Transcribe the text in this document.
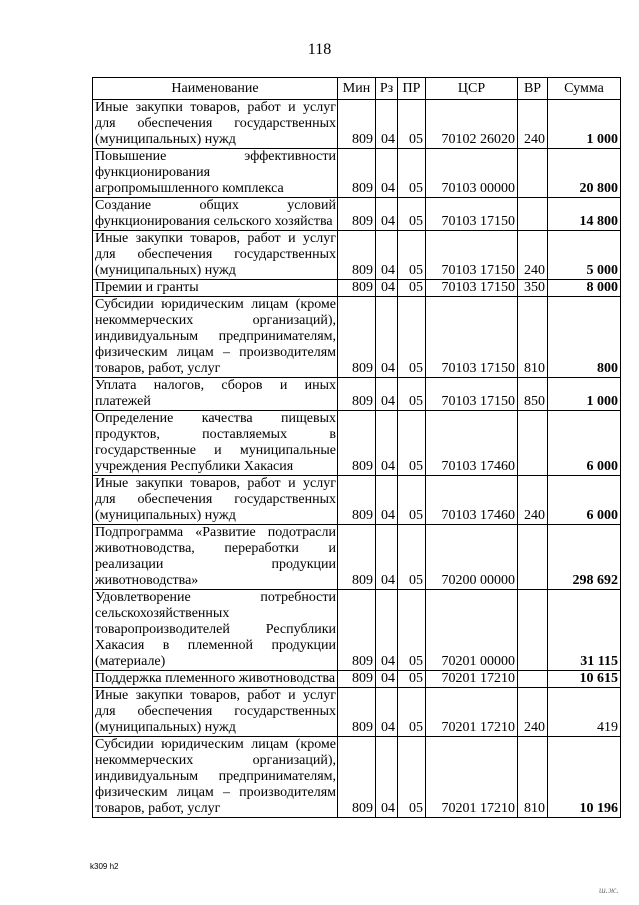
118
Наименование	Мин	Рз	ПР	ЦСР	ВР	Сумма
Иные закупки товаров, работ и услуг для обеспечения государственных (муниципальных) нужд	809	04	05	70102 26020	240	1 000
Повышение эффективности функционирования агропромышленного комплекса	809	04	05	70103 00000		20 800
Создание общих условий функционирования сельского хозяйства	809	04	05	70103 17150		14 800
Иные закупки товаров, работ и услуг для обеспечения государственных (муниципальных) нужд	809	04	05	70103 17150	240	5 000
Премии и гранты	809	04	05	70103 17150	350	8 000
Субсидии юридическим лицам (кроме некоммерческих организаций), индивидуальным предпринимателям, физическим лицам – производителям товаров, работ, услуг	809	04	05	70103 17150	810	800
Уплата налогов, сборов и иных платежей	809	04	05	70103 17150	850	1 000
Определение качества пищевых продуктов, поставляемых в государственные и муниципальные учреждения Республики Хакасия	809	04	05	70103 17460		6 000
Иные закупки товаров, работ и услуг для обеспечения государственных (муниципальных) нужд	809	04	05	70103 17460	240	6 000
Подпрограмма «Развитие подотрасли животноводства, переработки и реализации продукции животноводства»	809	04	05	70200 00000		298 692
Удовлетворение потребности сельскохозяйственных товаропроизводителей Республики Хакасия в племенной продукции (материале)	809	04	05	70201 00000		31 115
Поддержка племенного животноводства	809	04	05	70201 17210		10 615
Иные закупки товаров, работ и услуг для обеспечения государственных (муниципальных) нужд	809	04	05	70201 17210	240	419
Субсидии юридическим лицам (кроме некоммерческих организаций), индивидуальным предпринимателям, физическим лицам – производителям товаров, работ, услуг	809	04	05	70201 17210	810	10 196
k309 h2
ш.ж.
